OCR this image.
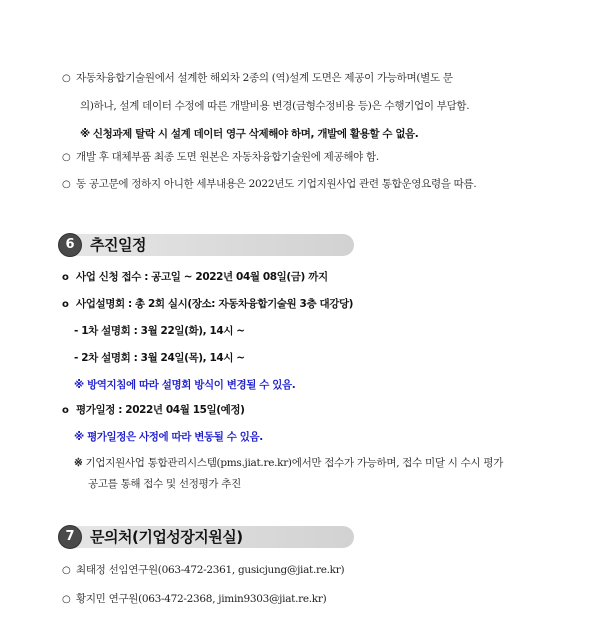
○ 자동차융합기술원에서 설계한 해외차 2종의 (역)설계 도면은 제공이 가능하며(별도 문
의)하나, 설계 데이터 수정에 따른 개발비용 변경(금형수정비용 등)은 수행기업이 부담함.
※ 신청과제 탈락 시 설계 데이터 영구 삭제해야 하며, 개발에 활용할 수 없음.
○ 개발 후 대체부품 최종 도면 원본은 자동차융합기술원에 제공해야 함.
○ 동 공고문에 정하지 아니한 세부내용은 2022년도 기업지원사업 관련 통합운영요령을 따름.
6	추진일정
o 사업 신청 접수 : 공고일 ~ 2022년 04월 08일(금) 까지
o 사업설명회 : 총 2회 실시(장소: 자동차융합기술원 3층 대강당)
- 1차 설명회 : 3월 22일(화), 14시 ~
- 2차 설명회 : 3월 24일(목), 14시 ~
※ 방역지침에 따라 설명회 방식이 변경될 수 있음.
o 평가일정 : 2022년 04월 15일(예정)
※ 평가일정은 사정에 따라 변동될 수 있음.
※ 기업지원사업 통합관리시스템(pms.jiat.re.kr)에서만 접수가 가능하며, 접수 미달 시 수시 평가
공고를 통해 접수 및 선정평가 추진
7	문의처(기업성장지원실)
○ 최태정 선임연구원(063-472-2361, gusicjung@jiat.re.kr)
○ 황지민 연구원(063-472-2368, jimin9303@jiat.re.kr)
